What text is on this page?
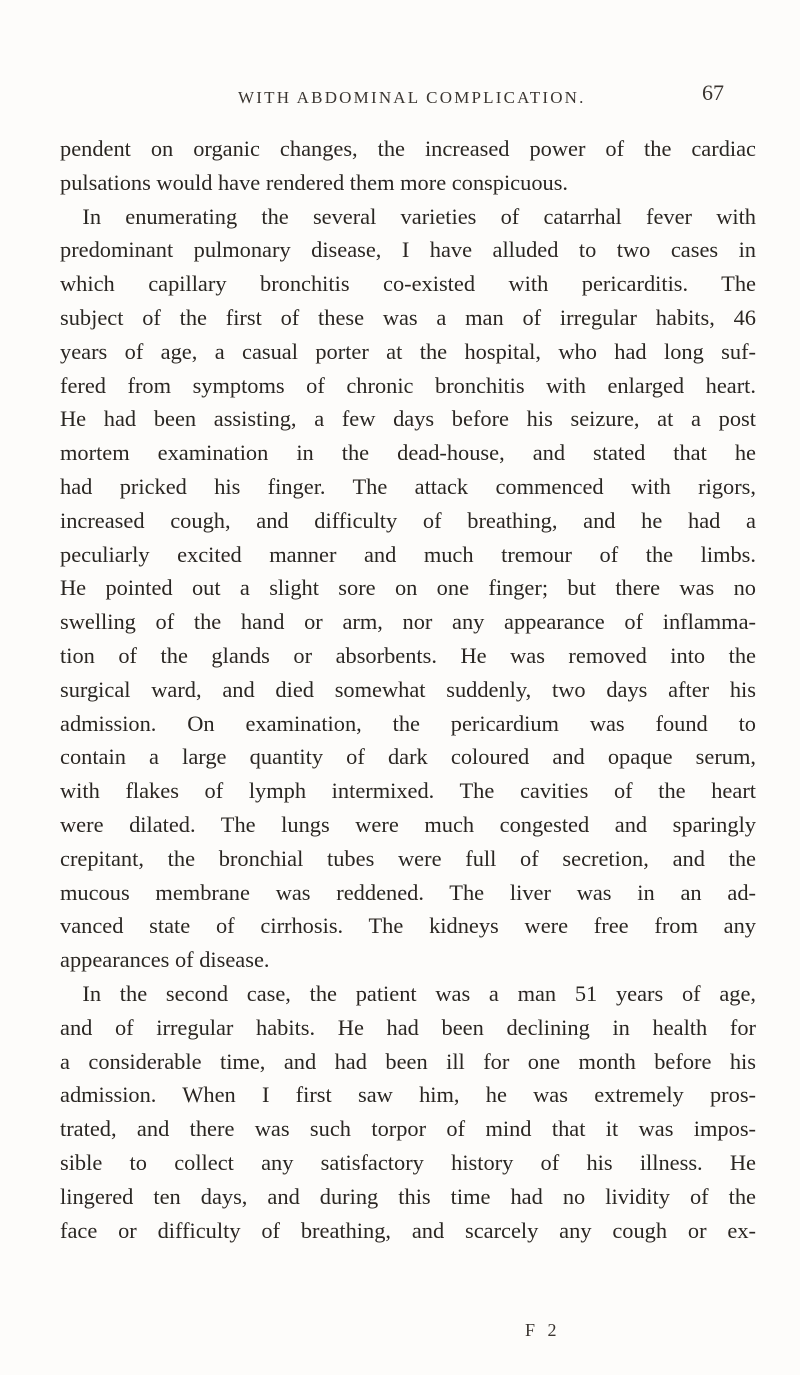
WITH ABDOMINAL COMPLICATION.	67
pendent on organic changes, the increased power of the cardiac
pulsations would have rendered them more conspicuous.
In enumerating the several varieties of catarrhal fever with
predominant pulmonary disease, I have alluded to two cases in
which capillary bronchitis co-existed with pericarditis. The
subject of the first of these was a man of irregular habits, 46
years of age, a casual porter at the hospital, who had long suf-
fered from symptoms of chronic bronchitis with enlarged heart.
He had been assisting, a few days before his seizure, at a post
mortem examination in the dead-house, and stated that he
had pricked his finger. The attack commenced with rigors,
increased cough, and difficulty of breathing, and he had a
peculiarly excited manner and much tremour of the limbs.
He pointed out a slight sore on one finger; but there was no
swelling of the hand or arm, nor any appearance of inflamma-
tion of the glands or absorbents. He was removed into the
surgical ward, and died somewhat suddenly, two days after his
admission. On examination, the pericardium was found to
contain a large quantity of dark coloured and opaque serum,
with flakes of lymph intermixed. The cavities of the heart
were dilated. The lungs were much congested and sparingly
crepitant, the bronchial tubes were full of secretion, and the
mucous membrane was reddened. The liver was in an ad-
vanced state of cirrhosis. The kidneys were free from any
appearances of disease.
In the second case, the patient was a man 51 years of age,
and of irregular habits. He had been declining in health for
a considerable time, and had been ill for one month before his
admission. When I first saw him, he was extremely pros-
trated, and there was such torpor of mind that it was impos-
sible to collect any satisfactory history of his illness. He
lingered ten days, and during this time had no lividity of the
face or difficulty of breathing, and scarcely any cough or ex-
F 2
